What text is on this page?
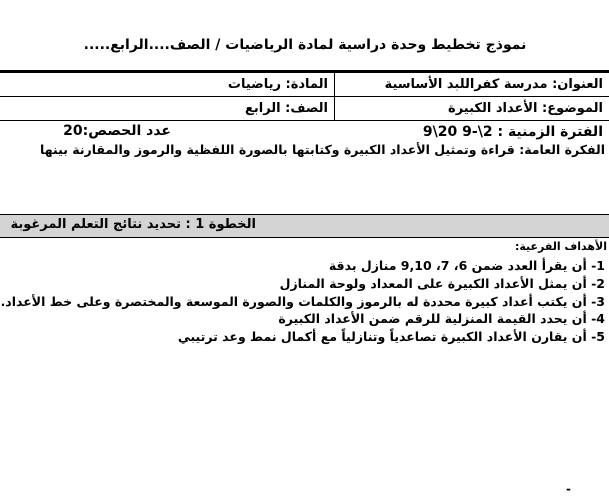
نموذج تخطيط وحدة دراسية لمادة الرياضيات / الصف....الرابع.....
العنوان: مدرسة كفراللبد الأساسية
المادة: رياضيات
الموضوع: الأعداد الكبيرة
الصف: الرابع
الفترة الزمنية : 2\-9 20\9
عدد الحصص:20
الفكرة العامة: قراءة وتمثيل الأعداد الكبيرة وكتابتها بالصورة اللفظية والرموز والمقارنة بينها
الخطوة 1 : تحديد نتائج التعلم المرغوبة
الأهداف الفرعية:
1- أن يقرأ العدد ضمن 6، 7، 9,10 منازل بدقة
2- أن يمثل الأعداد الكبيرة على المعداد ولوحة المنازل
3- أن يكتب أعداد كبيرة محددة له بالرموز والكلمات والصورة الموسعة والمختصرة وعلى خط الأعداد.
4- أن يحدد القيمة المنزلية للرقم ضمن الأعداد الكبيرة
5- أن يقارن الأعداد الكبيرة تصاعدياً وتنازلياً مع أكمال نمط وعد ترتيبي
-
